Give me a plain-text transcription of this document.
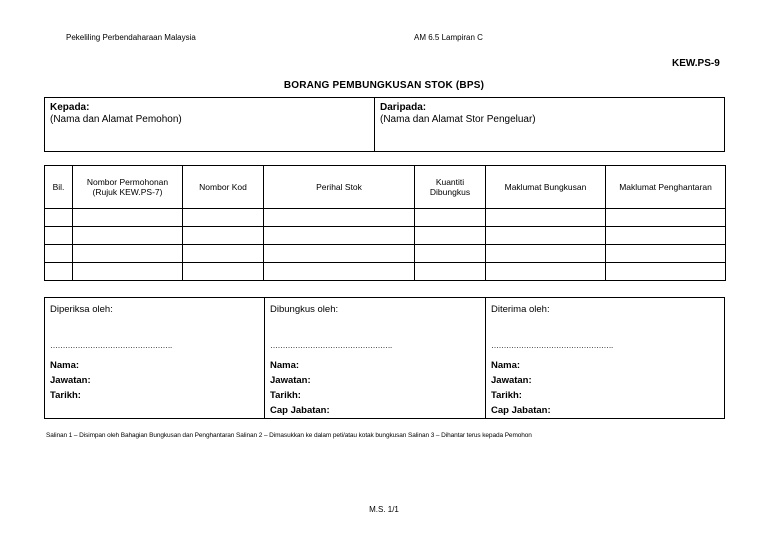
Pekeliling Perbendaharaan Malaysia	AM 6.5 Lampiran C
KEW.PS-9
BORANG PEMBUNGKUSAN STOK (BPS)
Kepada:
(Nama dan Alamat Pemohon)
Daripada:
(Nama dan Alamat Stor Pengeluar)
Bil.	Nombor Permohonan (Rujuk KEW.PS-7)	Nombor Kod	Perihal Stok	Kuantiti Dibungkus	Maklumat Bungkusan	Maklumat Penghantaran

Diperiksa oleh:
………………………………………….
Nama:
Jawatan:
Tarikh:
Dibungkus oleh:
………………………………………….
Nama:
Jawatan:
Tarikh:
Cap Jabatan:
Diterima oleh:
………………………………………….
Nama:
Jawatan:
Tarikh:
Cap Jabatan:
Salinan 1 – Disimpan oleh Bahagian Bungkusan dan Penghantaran Salinan 2 – Dimasukkan ke dalam peti/atau kotak bungkusan Salinan 3 – Dihantar terus kepada Pemohon
M.S. 1/1
